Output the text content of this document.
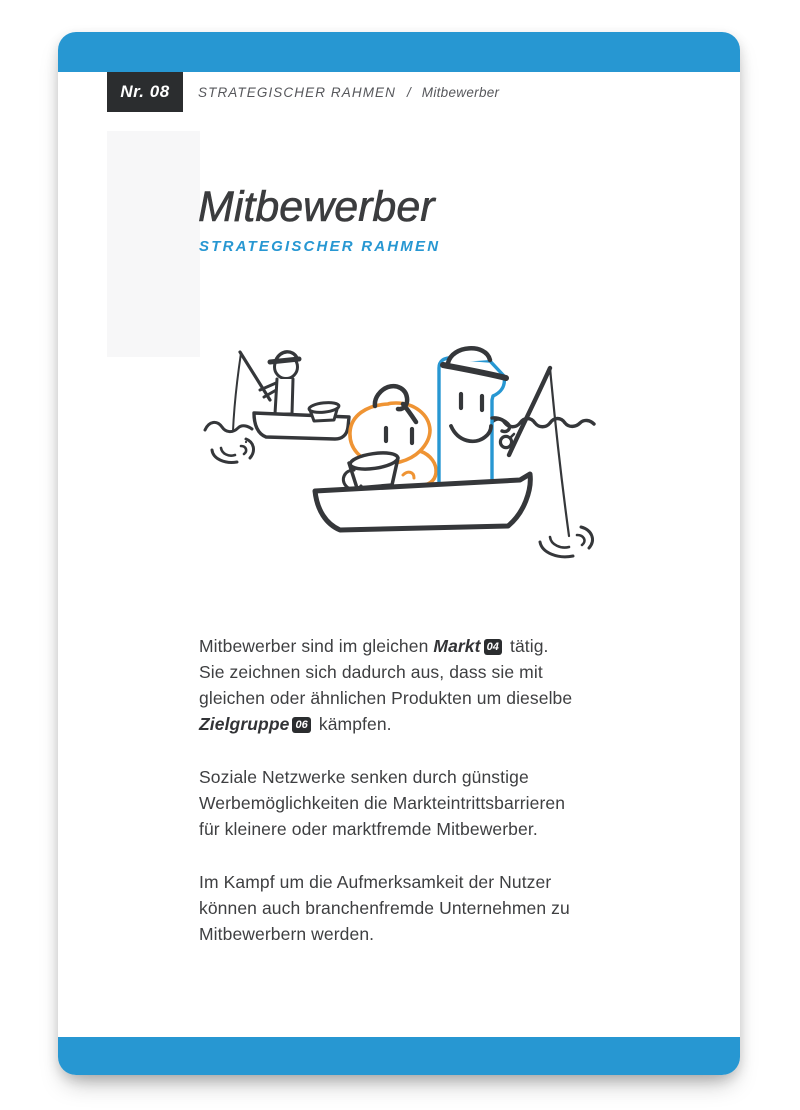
Nr. 08 STRATEGISCHER RAHMEN / Mitbewerber
Mitbewerber
STRATEGISCHER RAHMEN

Mitbewerber sind im gleichen Markt 04 tätig.
Sie zeichnen sich dadurch aus, dass sie mit
gleichen oder ähnlichen Produkten um dieselbe
Zielgruppe 06 kämpfen.

Soziale Netzwerke senken durch günstige
Werbemöglichkeiten die Markteintrittsbarrieren
für kleinere oder marktfremde Mitbewerber.

Im Kampf um die Aufmerksamkeit der Nutzer
können auch branchenfremde Unternehmen zu
Mitbewerbern werden.
